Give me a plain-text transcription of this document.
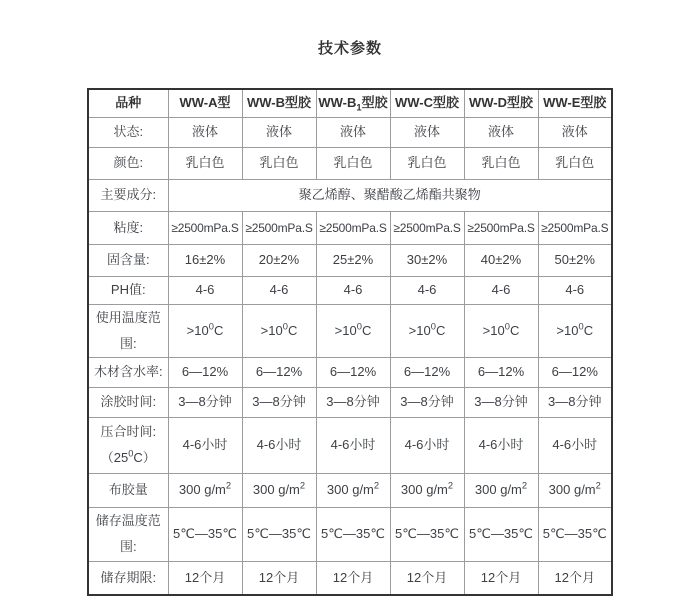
技术参数
品种	WW-A型	WW-B型胶	$WW-B_1$型胶	WW-C型胶	WW-D型胶	WW-E型胶
状态:	液体	液体	液体	液体	液体	液体
颜色:	乳白色	乳白色	乳白色	乳白色	乳白色	乳白色
主要成分:	聚乙烯醇、聚醋酸乙烯酯共聚物					
粘度:	≥2500mPa.S	≥2500mPa.S	≥2500mPa.S	≥2500mPa.S	≥2500mPa.S	≥2500mPa.S
固含量:	16±2%	20±2%	25±2%	30±2%	40±2%	50±2%
PH值:	4-6	4-6	4-6	4-6	4-6	4-6
使用温度范围:	$>10^0C$	$>10^0C$	$>10^0C$	$>10^0C$	$>10^0C$	$>10^0C$
木材含水率:	6—12%	6—12%	6—12%	6—12%	6—12%	6—12%
涂胶时间:	3—8分钟	3—8分钟	3—8分钟	3—8分钟	3—8分钟	3—8分钟
压合时间:
$(25^0C)$	4-6小时	4-6小时	4-6小时	4-6小时	4-6小时	4-6小时
布胶量	300 $g/m^2$	300 $g/m^2$	300 $g/m^2$	300 $g/m^2$	300 $g/m^2$	300 $g/m^2$
储存温度范围:	5℃—35℃	5℃—35℃	5℃—35℃	5℃—35℃	5℃—35℃	5℃—35℃
储存期限:	12个月	12个月	12个月	12个月	12个月	12个月
